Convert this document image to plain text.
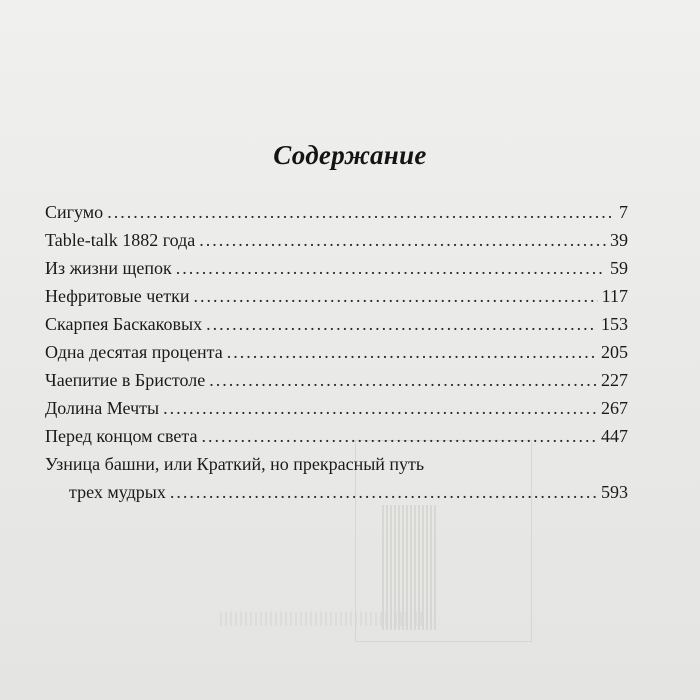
Содержание
Сигумо .....	7
Table-talk 1882 года .....	39
Из жизни щепок .....	59
Нефритовые четки .....	117
Скарпея Баскаковых .....	153
Одна десятая процента .....	205
Чаепитие в Бристоле .....	227
Долина Мечты .....	267
Перед концом света .....	447
Узница башни, или Краткий, но прекрасный путь
трех мудрых .....	593
